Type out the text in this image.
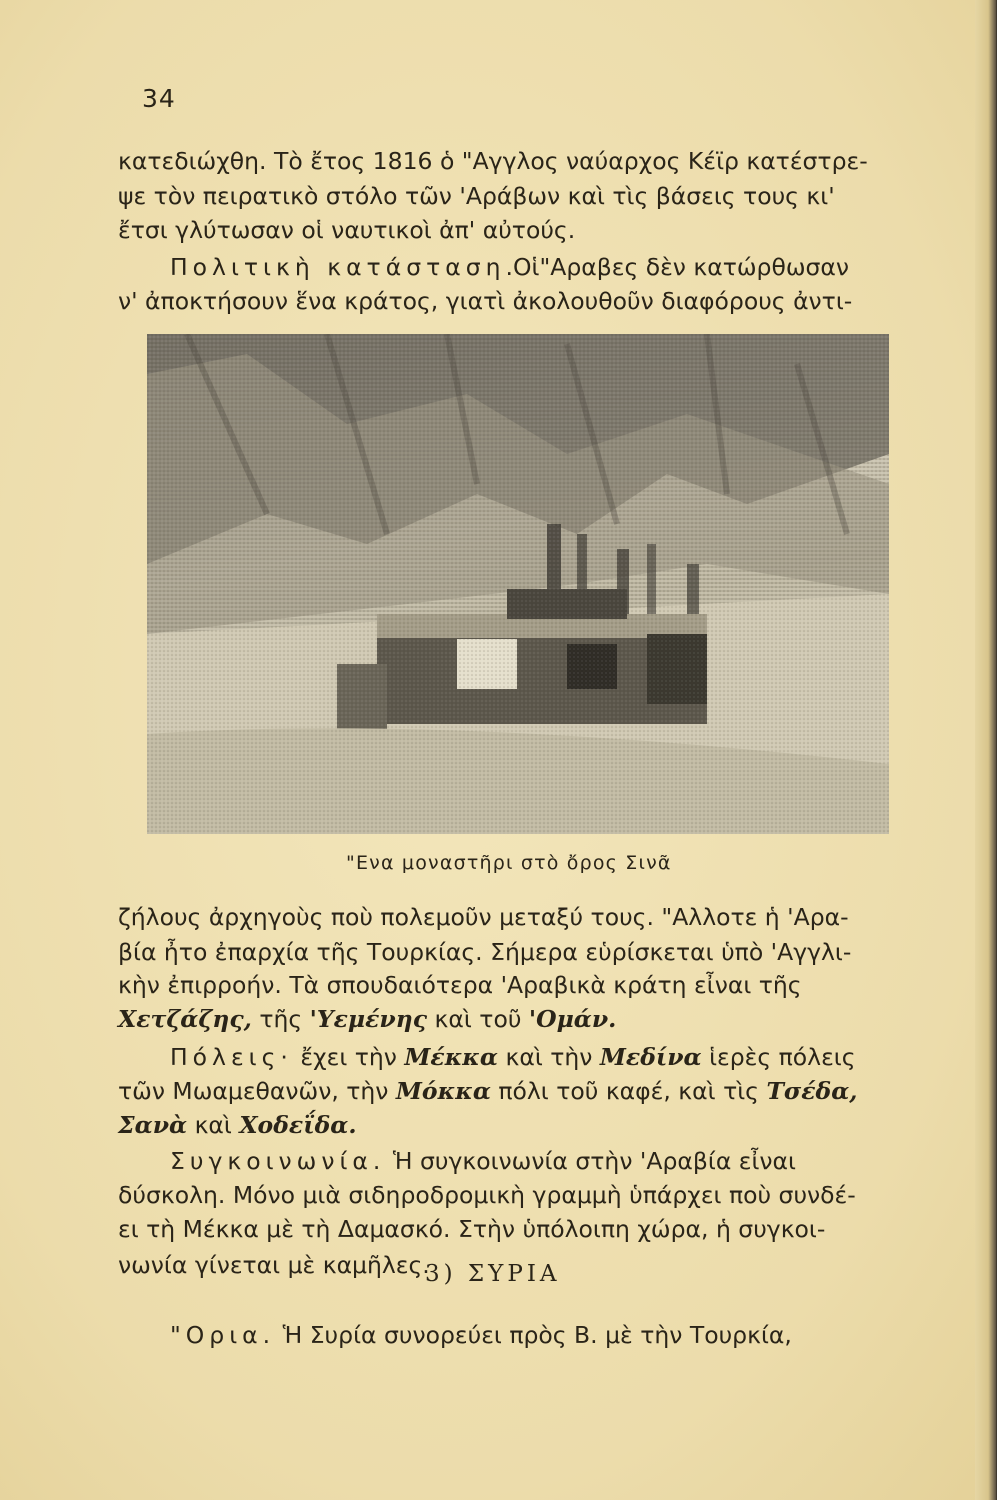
34
κατεδιώχθη. Τὸ ἔτος 1816 ὁ "Αγγλος ναύαρχος Κέϊρ κατέστρε-
ψε τὸν πειρατικὸ στόλο τῶν 'Αράβων καὶ τὶς βάσεις τους κι'
ἔτσι γλύτωσαν οἱ ναυτικοὶ ἀπ' αὐτούς.
Πολιτικὴ κατάσταση.Οἱ"Αραβες δὲν κατώρθωσαν
ν' ἀποκτήσουν ἕνα κράτος, γιατὶ ἀκολουθοῦν διαφόρους ἀντι-
"Ενα μοναστῆρι στὸ ὄρος Σινᾶ
ζήλους ἀρχηγοὺς ποὺ πολεμοῦν μεταξύ τους. "Αλλοτε ἡ 'Αρα-
βία ἦτο ἐπαρχία τῆς Τουρκίας. Σήμερα εὑρίσκεται ὑπὸ 'Αγγλι-
κὴν ἐπιρροήν. Τὰ σπουδαιότερα 'Αραβικὰ κράτη εἶναι τῆς
Χετζάζης, τῆς 'Υεμένης καὶ τοῦ 'Ομάν.
Πόλεις· ἔχει τὴν Μέκκα καὶ τὴν Μεδίνα ἱερὲς πόλεις
τῶν Μωαμεθανῶν, τὴν Μόκκα πόλι τοῦ καφέ, καὶ τὶς Τσέδα,
Σανὰ καὶ Χοδεΐδα.
Συγκοινωνία. Ἡ συγκοινωνία στὴν 'Αραβία εἶναι
δύσκολη. Μόνο μιὰ σιδηροδρομικὴ γραμμὴ ὑπάρχει ποὺ συνδέ-
ει τὴ Μέκκα μὲ τὴ Δαμασκό. Στὴν ὑπόλοιπη χώρα, ἡ συγκοι-
νωνία γίνεται μὲ καμῆλες.
3) ΣΥΡΙΑ
"Ορια. Ἡ Συρία συνορεύει πρὸς Β. μὲ τὴν Τουρκία,
